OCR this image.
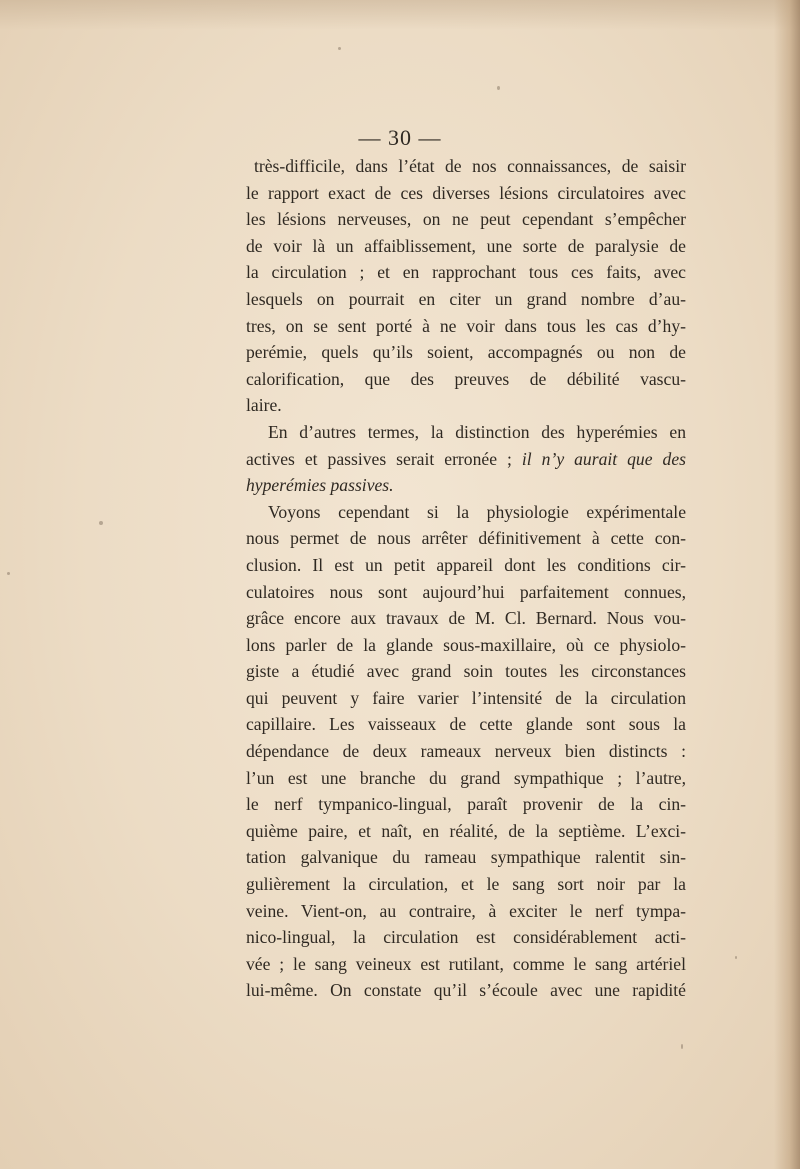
— 30 —
très-difficile, dans l’état de nos connaissances, de saisir
le rapport exact de ces diverses lésions circulatoires avec
les lésions nerveuses, on ne peut cependant s’empêcher
de voir là un affaiblissement, une sorte de paralysie de
la circulation ; et en rapprochant tous ces faits, avec
lesquels on pourrait en citer un grand nombre d’au-
tres, on se sent porté à ne voir dans tous les cas d’hy-
perémie, quels qu’ils soient, accompagnés ou non de
calorification, que des preuves de débilité vascu-
laire.
En d’autres termes, la distinction des hyperémies en
actives et passives serait erronée ; il n’y aurait que des
hyperémies passives.
Voyons cependant si la physiologie expérimentale
nous permet de nous arrêter définitivement à cette con-
clusion. Il est un petit appareil dont les conditions cir-
culatoires nous sont aujourd’hui parfaitement connues,
grâce encore aux travaux de M. Cl. Bernard. Nous vou-
lons parler de la glande sous-maxillaire, où ce physiolo-
giste a étudié avec grand soin toutes les circonstances
qui peuvent y faire varier l’intensité de la circulation
capillaire. Les vaisseaux de cette glande sont sous la
dépendance de deux rameaux nerveux bien distincts :
l’un est une branche du grand sympathique ; l’autre,
le nerf tympanico-lingual, paraît provenir de la cin-
quième paire, et naît, en réalité, de la septième. L’exci-
tation galvanique du rameau sympathique ralentit sin-
gulièrement la circulation, et le sang sort noir par la
veine. Vient-on, au contraire, à exciter le nerf tympa-
nico-lingual, la circulation est considérablement acti-
vée ; le sang veineux est rutilant, comme le sang artériel
lui-même. On constate qu’il s’écoule avec une rapidité
